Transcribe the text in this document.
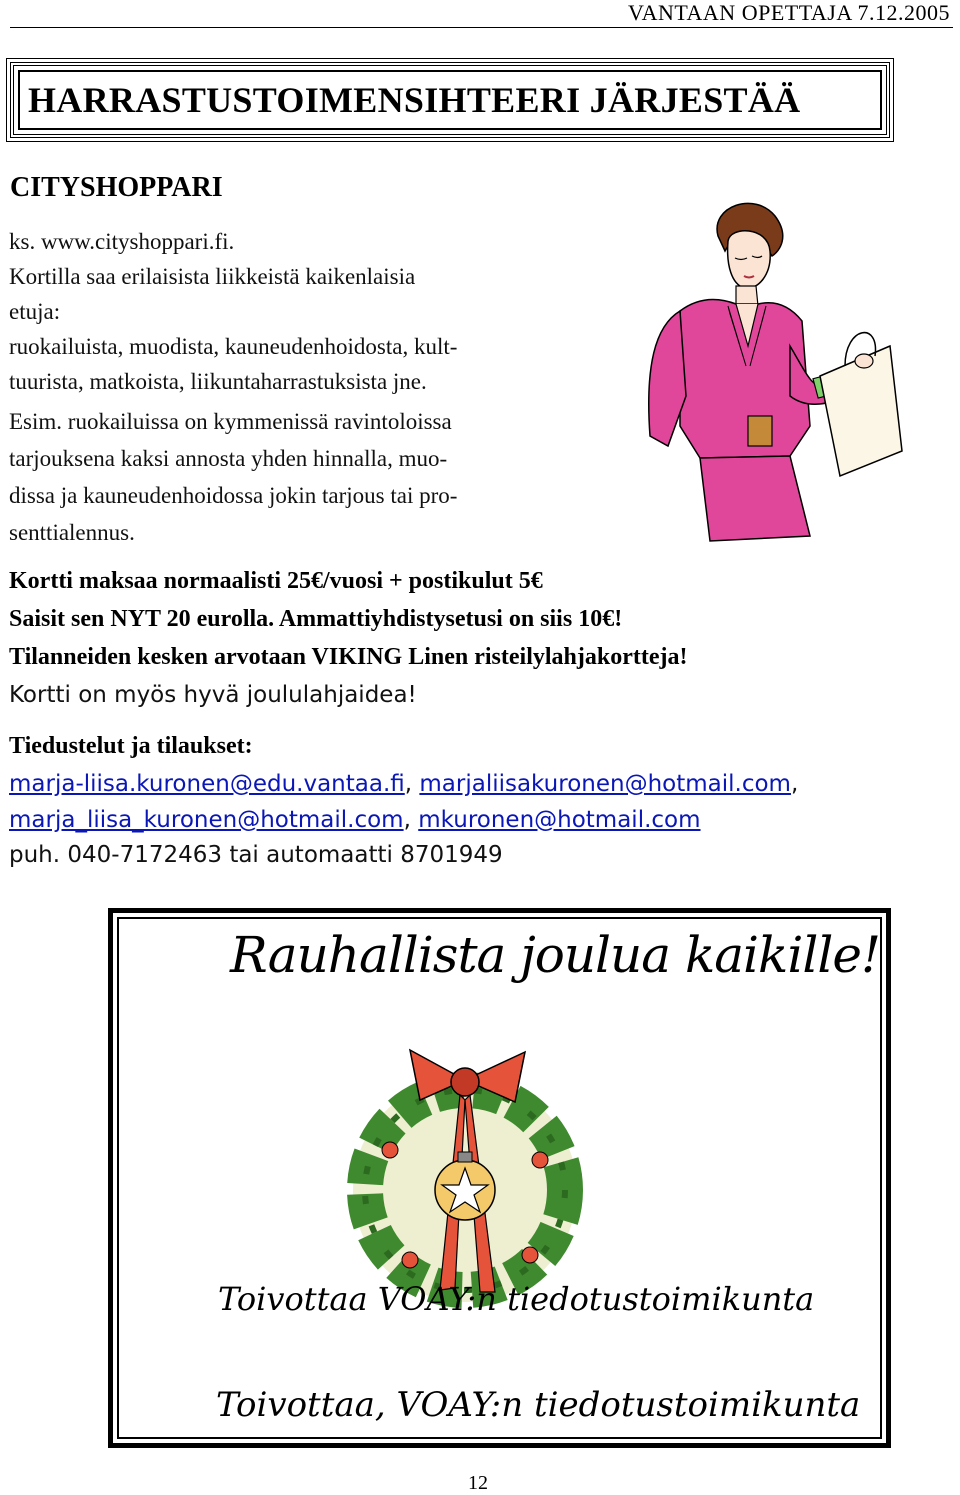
VANTAAN OPETTAJA 7.12.2005
HARRASTUSTOIMENSIHTEERI JÄRJESTÄÄ
CITYSHOPPARI
ks. www.cityshoppari.fi.
Kortilla saa erilaisista liikkeistä kaikenlaisia
etuja:
ruokailuista, muodista, kauneudenhoidosta, kult-
tuurista, matkoista, liikuntaharrastuksista jne.
Esim. ruokailuissa on kymmenissä ravintoloissa
tarjouksena kaksi annosta yhden hinnalla, muo-
dissa ja kauneudenhoidossa jokin tarjous tai pro-
senttialennus.
Kortti maksaa normaalisti 25€/vuosi + postikulut 5€
Saisit sen NYT 20 eurolla. Ammattiyhdistysetusi on siis 10€!
Tilanneiden kesken arvotaan VIKING Linen risteilylahjakortteja!
Kortti on myös hyvä joululahjaidea!
Tiedustelut ja tilaukset:
marja-liisa.kuronen@edu.vantaa.fi, marjaliisakuronen@hotmail.com,
marja_liisa_kuronen@hotmail.com, mkuronen@hotmail.com
puh. 040-7172463 tai automaatti 8701949
Rauhallista joulua kaikille!
Toivottaa VOAY:n tiedotustoimikunta
Toivottaa, VOAY:n tiedotustoimikunta
12
